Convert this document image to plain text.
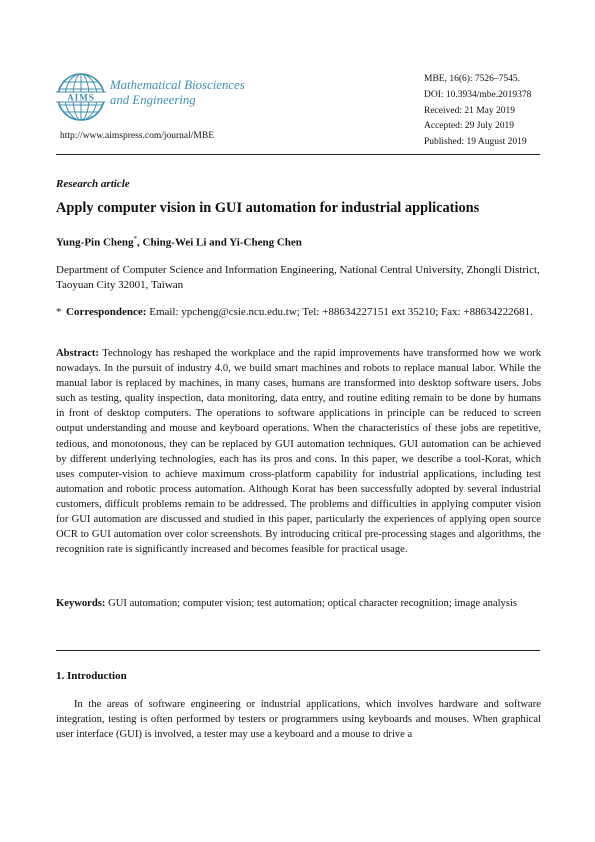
AIMS
Mathematical Biosciences
and Engineering
http://www.aimspress.com/journal/MBE
MBE, 16(6): 7526–7545.
DOI: 10.3934/mbe.2019378
Received: 21 May 2019
Accepted: 29 July 2019
Published: 19 August 2019
Research article
Apply computer vision in GUI automation for industrial applications
Yung-Pin Cheng*, Ching-Wei Li and Yi-Cheng Chen
Department of Computer Science and Information Engineering, National Central University, Zhongli District, Taoyuan City 32001, Taiwan
* Correspondence: Email: ypcheng@csie.ncu.edu.tw; Tel: +88634227151 ext 35210; Fax: +88634222681.
Abstract: Technology has reshaped the workplace and the rapid improvements have transformed how we work nowadays. In the pursuit of industry 4.0, we build smart machines and robots to replace manual labor. While the manual labor is replaced by machines, in many cases, humans are transformed into desktop software users. Jobs such as testing, quality inspection, data monitoring, data entry, and routine editing remain to be done by humans in front of desktop computers. The operations to software applications in principle can be reduced to screen output understanding and mouse and keyboard operations. When the characteristics of these jobs are repetitive, tedious, and monotonous, they can be replaced by GUI automation techniques. GUI automation can be achieved by different underlying technologies, each has its pros and cons. In this paper, we describe a tool-Korat, which uses computer-vision to achieve maximum cross-platform capability for industrial applications, including test automation and robotic process automation. Although Korat has been successfully adopted by several industrial customers, difficult problems remain to be addressed. The problems and difficulties in applying computer vision for GUI automation are discussed and studied in this paper, particularly the experiences of applying open source OCR to GUI automation over color screenshots. By introducing critical pre-processing stages and algorithms, the recognition rate is significantly increased and becomes feasible for practical usage.
Keywords: GUI automation; computer vision; test automation; optical character recognition; image analysis
1. Introduction
In the areas of software engineering or industrial applications, which involves hardware and software integration, testing is often performed by testers or programmers using keyboards and mouses. When graphical user interface (GUI) is involved, a tester may use a keyboard and a mouse to drive a
